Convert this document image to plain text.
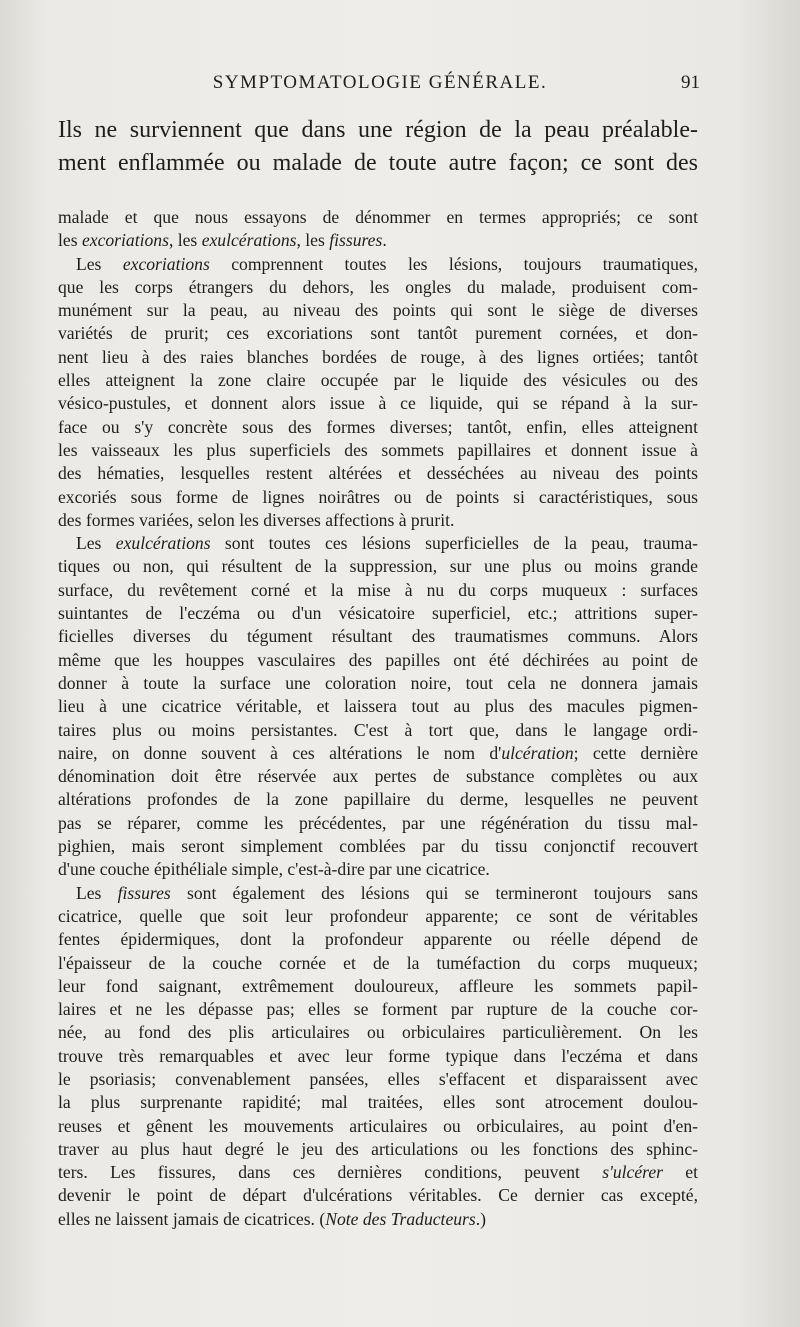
SYMPTOMATOLOGIE GÉNÉRALE.	91
Ils ne surviennent que dans une région de la peau préalable-
ment enflammée ou malade de toute autre façon; ce sont des
malade et que nous essayons de dénommer en termes appropriés; ce sont
les excoriations, les exulcérations, les fissures.
Les excoriations comprennent toutes les lésions, toujours traumatiques,
que les corps étrangers du dehors, les ongles du malade, produisent com-
munément sur la peau, au niveau des points qui sont le siège de diverses
variétés de prurit; ces excoriations sont tantôt purement cornées, et don-
nent lieu à des raies blanches bordées de rouge, à des lignes ortiées; tantôt
elles atteignent la zone claire occupée par le liquide des vésicules ou des
vésico-pustules, et donnent alors issue à ce liquide, qui se répand à la sur-
face ou s'y concrète sous des formes diverses; tantôt, enfin, elles atteignent
les vaisseaux les plus superficiels des sommets papillaires et donnent issue à
des hématies, lesquelles restent altérées et desséchées au niveau des points
excoriés sous forme de lignes noirâtres ou de points si caractéristiques, sous
des formes variées, selon les diverses affections à prurit.
Les exulcérations sont toutes ces lésions superficielles de la peau, trauma-
tiques ou non, qui résultent de la suppression, sur une plus ou moins grande
surface, du revêtement corné et la mise à nu du corps muqueux : surfaces
suintantes de l'eczéma ou d'un vésicatoire superficiel, etc.; attritions super-
ficielles diverses du tégument résultant des traumatismes communs. Alors
même que les houppes vasculaires des papilles ont été déchirées au point de
donner à toute la surface une coloration noire, tout cela ne donnera jamais
lieu à une cicatrice véritable, et laissera tout au plus des macules pigmen-
taires plus ou moins persistantes. C'est à tort que, dans le langage ordi-
naire, on donne souvent à ces altérations le nom d'ulcération; cette dernière
dénomination doit être réservée aux pertes de substance complètes ou aux
altérations profondes de la zone papillaire du derme, lesquelles ne peuvent
pas se réparer, comme les précédentes, par une régénération du tissu mal-
pighien, mais seront simplement comblées par du tissu conjonctif recouvert
d'une couche épithéliale simple, c'est-à-dire par une cicatrice.
Les fissures sont également des lésions qui se termineront toujours sans
cicatrice, quelle que soit leur profondeur apparente; ce sont de véritables
fentes épidermiques, dont la profondeur apparente ou réelle dépend de
l'épaisseur de la couche cornée et de la tuméfaction du corps muqueux;
leur fond saignant, extrêmement douloureux, affleure les sommets papil-
laires et ne les dépasse pas; elles se forment par rupture de la couche cor-
née, au fond des plis articulaires ou orbiculaires particulièrement. On les
trouve très remarquables et avec leur forme typique dans l'eczéma et dans
le psoriasis; convenablement pansées, elles s'effacent et disparaissent avec
la plus surprenante rapidité; mal traitées, elles sont atrocement doulou-
reuses et gênent les mouvements articulaires ou orbiculaires, au point d'en-
traver au plus haut degré le jeu des articulations ou les fonctions des sphinc-
ters. Les fissures, dans ces dernières conditions, peuvent s'ulcérer et
devenir le point de départ d'ulcérations véritables. Ce dernier cas excepté,
elles ne laissent jamais de cicatrices. (Note des Traducteurs.)
